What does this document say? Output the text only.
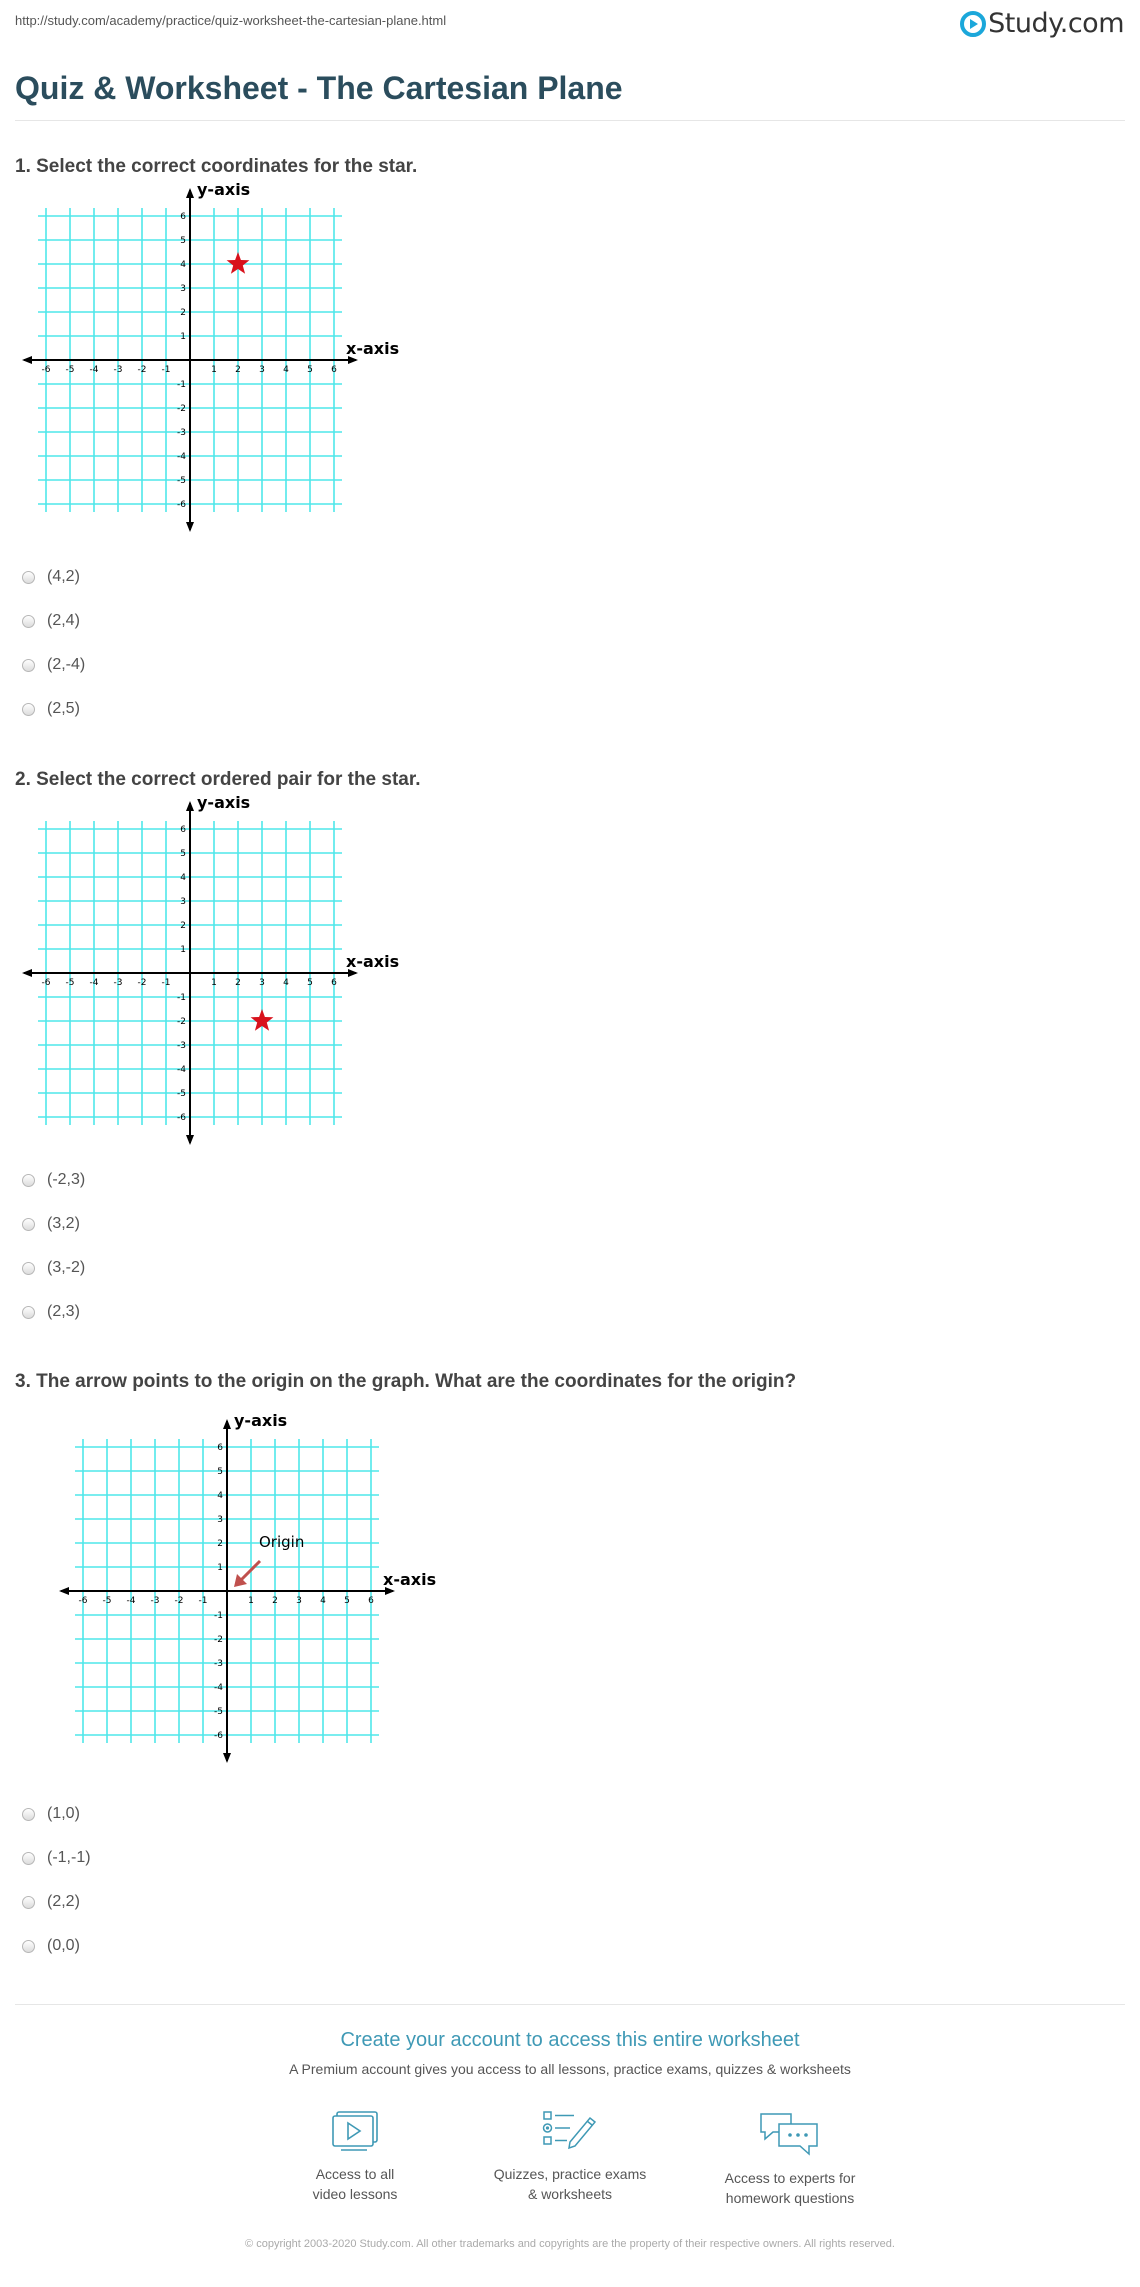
http://study.com/academy/practice/quiz-worksheet-the-cartesian-plane.html	Study.com
Quiz & Worksheet - The Cartesian Plane
1. Select the correct coordinates for the star.
-6 -5 -4 -3 -2 -1	1 2 3 4 5 6
-6
-5
-4
-3
-2
-1
1
2
3
4
5
6
y-axis
x-axis
(4,2)
(2,4)
(2,-4)
(2,5)
2. Select the correct ordered pair for the star.
-6 -5 -4 -3 -2 -1	1 2 3 4 5 6
-6
-5
-4
-3
-2
-1
1
2
3
4
5
6
y-axis
x-axis
(-2,3)
(3,2)
(3,-2)
(2,3)
3. The arrow points to the origin on the graph. What are the coordinates for the origin?
-6 -5 -4 -3 -2 -1	1 2 3 4 5 6
-6
-5
-4
-3
-2
-1
1
2
3
4
5
6
y-axis
x-axis
Origin
(1,0)
(-1,-1)
(2,2)
(0,0)
Create your account to access this entire worksheet
A Premium account gives you access to all lessons, practice exams, quizzes & worksheets
Access to all
video lessons
Quizzes, practice exams
& worksheets
Access to experts for
homework questions
© copyright 2003-2020 Study.com. All other trademarks and copyrights are the property of their respective owners. All rights reserved.
